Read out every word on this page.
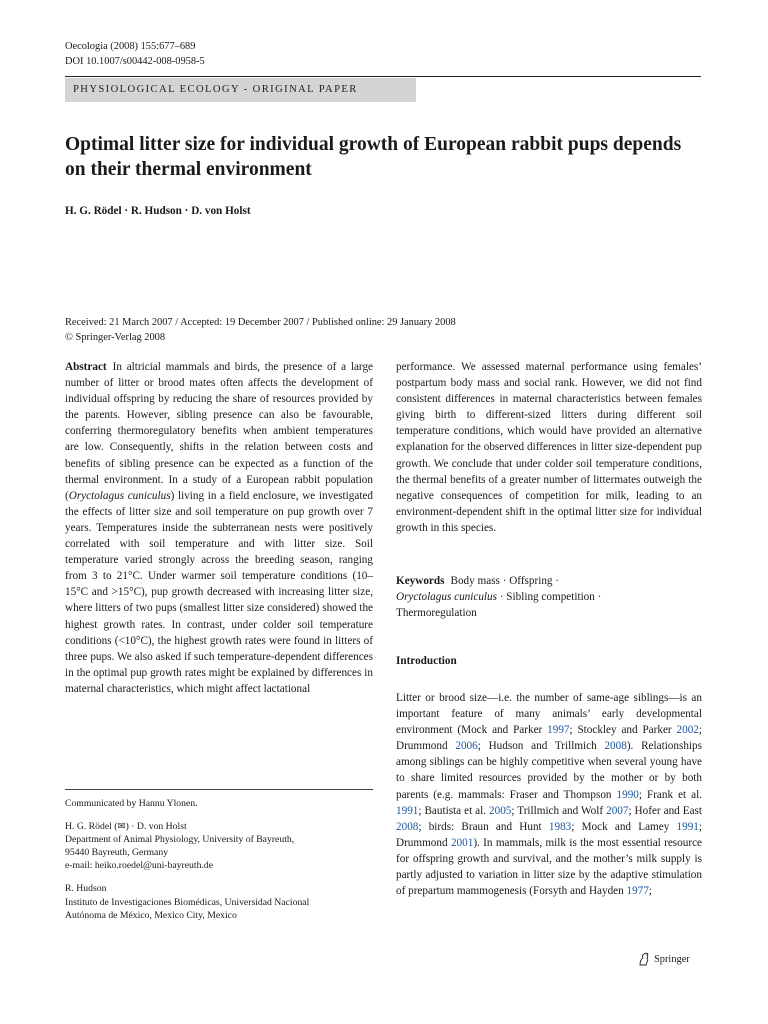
Oecologia (2008) 155:677–689
DOI 10.1007/s00442-008-0958-5
PHYSIOLOGICAL ECOLOGY - ORIGINAL PAPER
Optimal litter size for individual growth of European rabbit pups depends on their thermal environment
H. G. Rödel · R. Hudson · D. von Holst
Received: 21 March 2007 / Accepted: 19 December 2007 / Published online: 29 January 2008
© Springer-Verlag 2008

Abstract In altricial mammals and birds, the presence of a large number of litter or brood mates often affects the development of individual offspring by reducing the share of resources provided by the parents. However, sibling presence can also be favourable, conferring thermoregulatory benefits when ambient temperatures are low. Consequently, shifts in the relation between costs and benefits of sibling presence can be expected as a function of the thermal environment. In a study of a European rabbit population (Oryctolagus cuniculus) living in a field enclosure, we investigated the effects of litter size and soil temperature on pup growth over 7 years. Temperatures inside the subterranean nests were positively correlated with soil temperature and with litter size. Soil temperature varied strongly across the breeding season, ranging from 3 to 21°C. Under warmer soil temperature conditions (10– 15°C and >15°C), pup growth decreased with increasing litter size, where litters of two pups (smallest litter size considered) showed the highest growth rates. In contrast, under colder soil temperature conditions (<10°C), the highest growth rates were found in litters of three pups. We also asked if such temperature-dependent differences in the optimal pup growth rates might be explained by differences in maternal characteristics, which might affect lactational

performance. We assessed maternal performance using females’ postpartum body mass and social rank. However, we did not find consistent differences in maternal characteristics between females giving birth to different-sized litters during different soil temperature conditions, which would have provided an alternative explanation for the observed differences in litter size-dependent pup growth. We conclude that under colder soil temperature conditions, the thermal benefits of a greater number of littermates outweigh the negative consequences of competition for milk, leading to an environment-dependent shift in the optimal litter size for individual growth in this species.

Keywords Body mass · Offspring ·
Oryctolagus cuniculus · Sibling competition ·
Thermoregulation
Introduction

Litter or brood size—i.e. the number of same-age siblings—is an important feature of many animals’ early developmental environment (Mock and Parker 1997; Stockley and Parker 2002; Drummond 2006; Hudson and Trillmich 2008). Relationships among siblings can be highly competitive when several young have to share limited resources provided by the mother or by both parents (e.g. mammals: Fraser and Thompson 1990; Frank et al. 1991; Bautista et al. 2005; Trillmich and Wolf 2007; Hofer and East 2008; birds: Braun and Hunt 1983; Mock and Lamey 1991; Drummond 2001). In mammals, milk is the most essential resource for offspring growth and survival, and the mother’s milk supply is partly adjusted to variation in litter size by the adaptive stimulation of prepartum mammogenesis (Forsyth and Hayden 1977;

Communicated by Hannu Ylonen.
H. G. Rödel (✉) · D. von Holst
Department of Animal Physiology, University of Bayreuth,
95440 Bayreuth, Germany
e-mail: heiko.roedel@uni-bayreuth.de
R. Hudson
Instituto de Investigaciones Biomédicas, Universidad Nacional
Autónoma de México, Mexico City, Mexico
Springer
